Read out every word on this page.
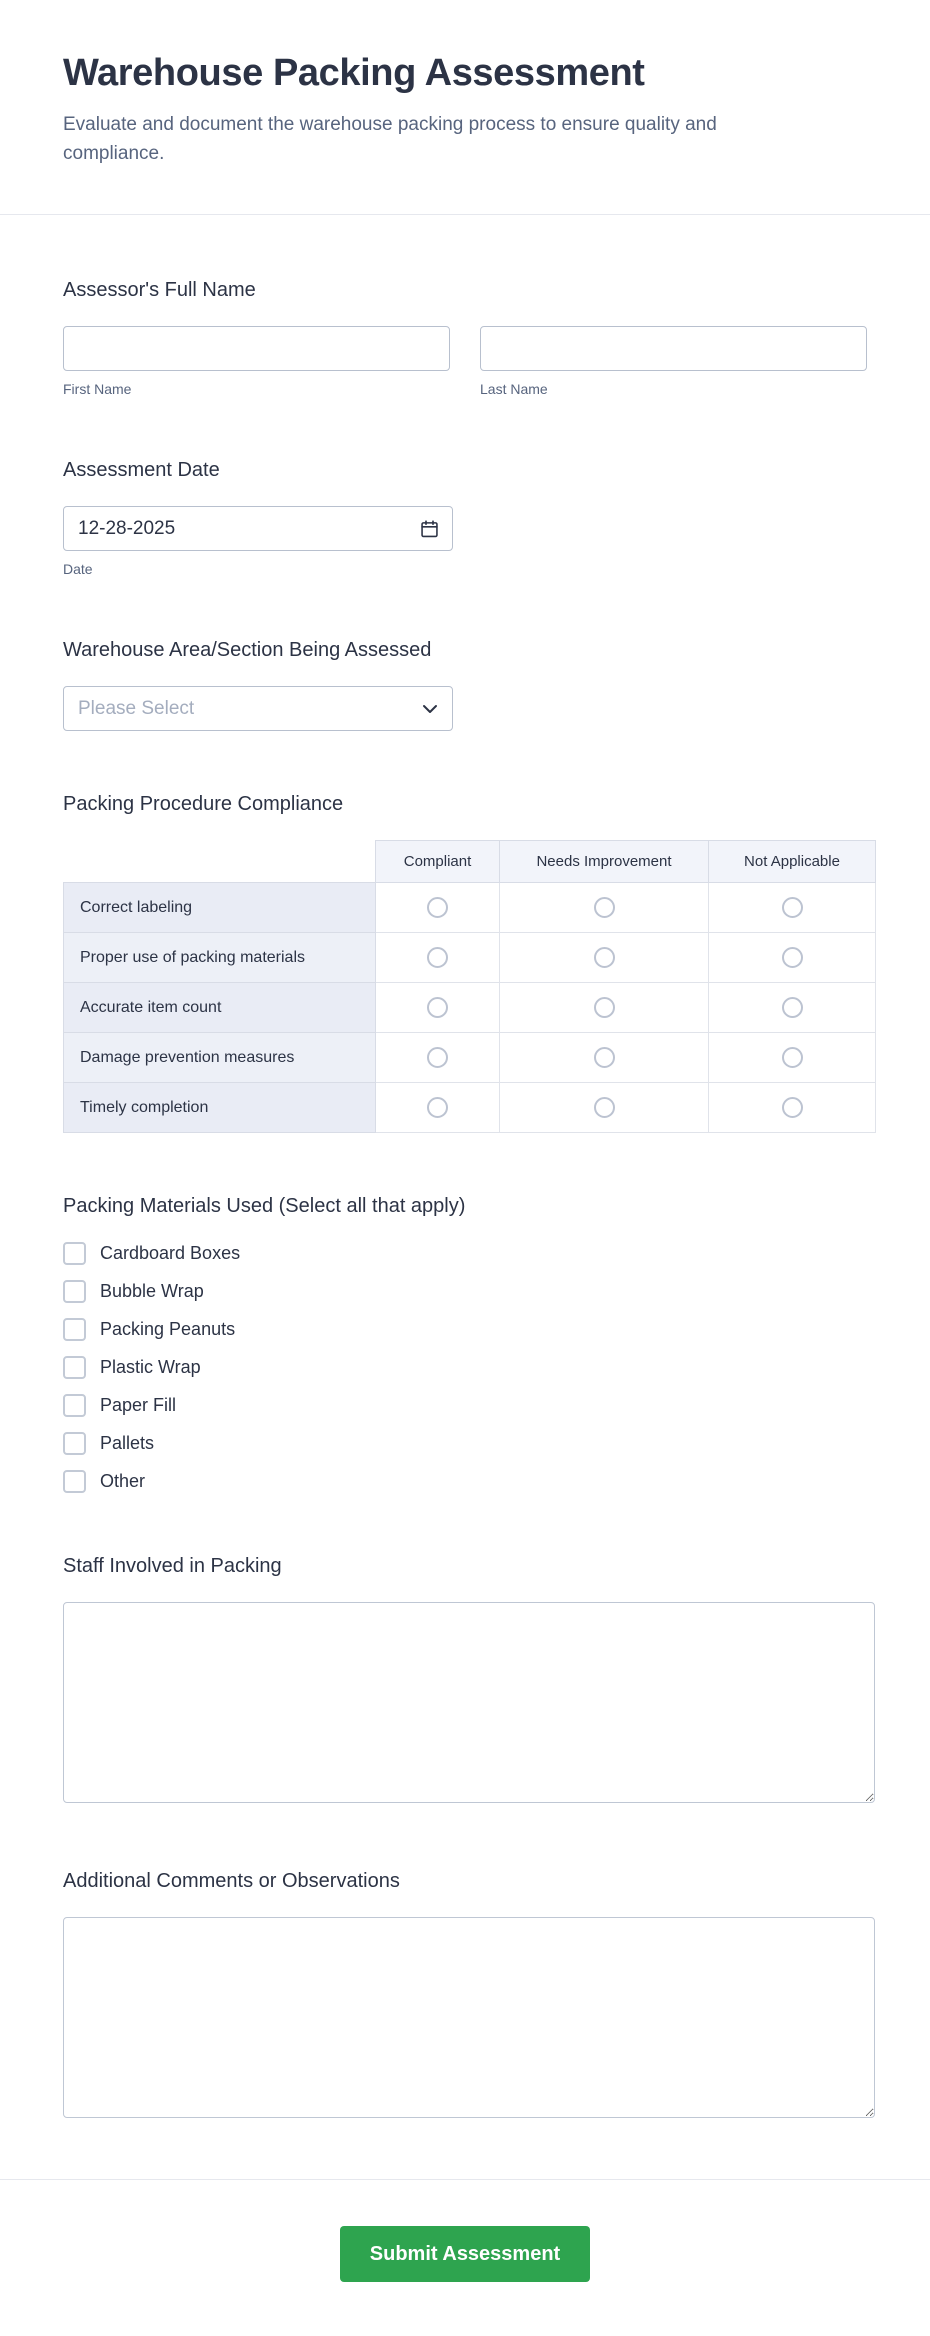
Warehouse Packing Assessment
Evaluate and document the warehouse packing process to ensure quality and compliance.
Assessor's Full Name
First Name	Last Name
Assessment Date
12-28-2025
Date
Warehouse Area/Section Being Assessed
Please Select
Packing Procedure Compliance
	Compliant	Needs Improvement	Not Applicable
Correct labeling			
Proper use of packing materials			
Accurate item count			
Damage prevention measures			
Timely completion			
Packing Materials Used (Select all that apply)
Cardboard Boxes
Bubble Wrap
Packing Peanuts
Plastic Wrap
Paper Fill
Pallets
Other
Staff Involved in Packing
Additional Comments or Observations
Submit Assessment
